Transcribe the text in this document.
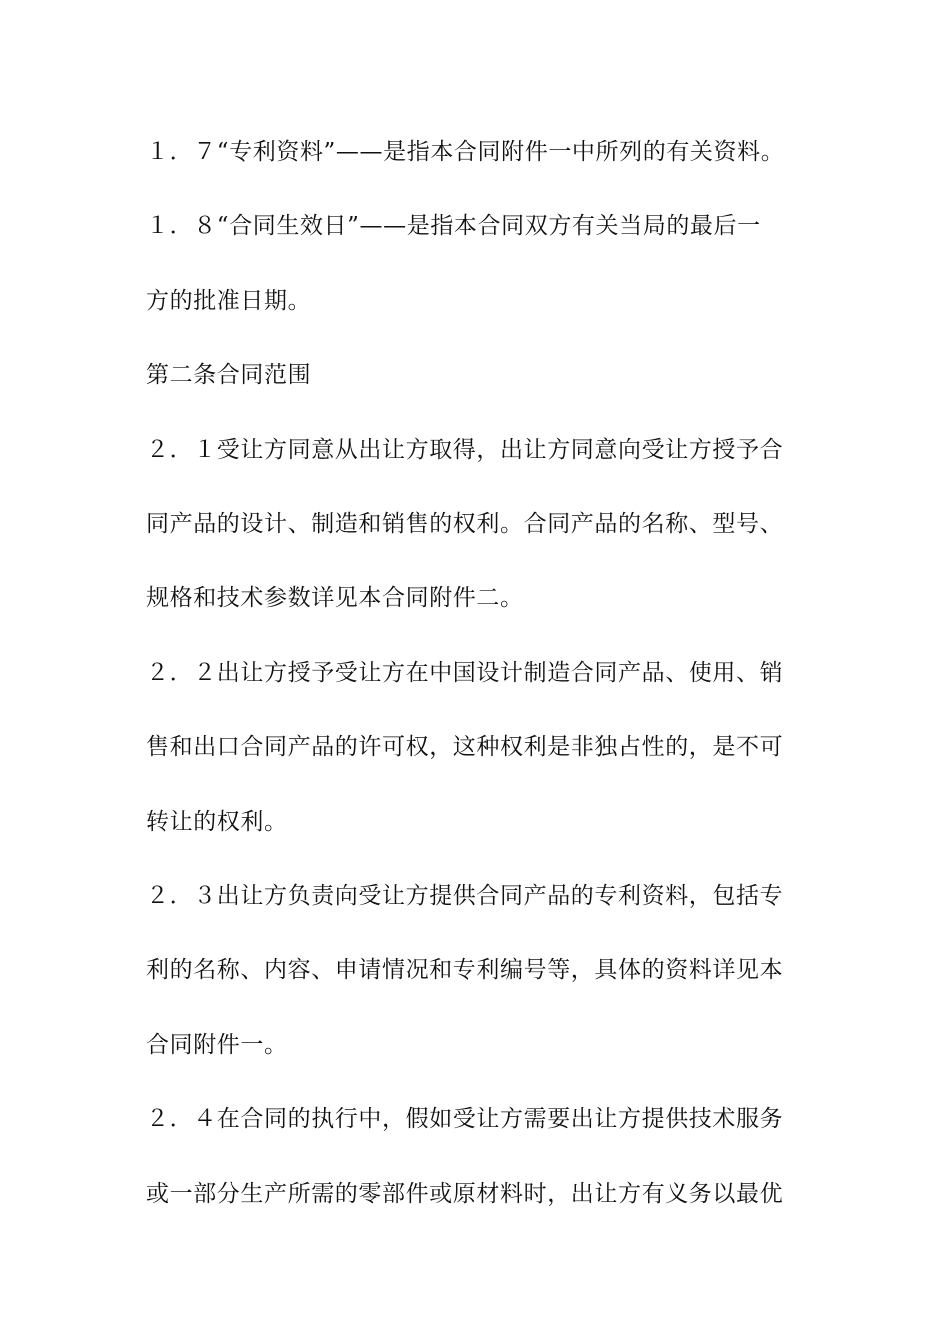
１．７“专利资料”——是指本合同附件一中所列的有关资料。
１．８“合同生效日”——是指本合同双方有关当局的最后一
方的批准日期。
第二条合同范围
２．１受让方同意从出让方取得，出让方同意向受让方授予合
同产品的设计、制造和销售的权利。合同产品的名称、型号、
规格和技术参数详见本合同附件二。
２．２出让方授予受让方在中国设计制造合同产品、使用、销
售和出口合同产品的许可权，这种权利是非独占性的，是不可
转让的权利。
２．３出让方负责向受让方提供合同产品的专利资料，包括专
利的名称、内容、申请情况和专利编号等，具体的资料详见本
合同附件一。
２．４在合同的执行中，假如受让方需要出让方提供技术服务
或一部分生产所需的零部件或原材料时，出让方有义务以最优
